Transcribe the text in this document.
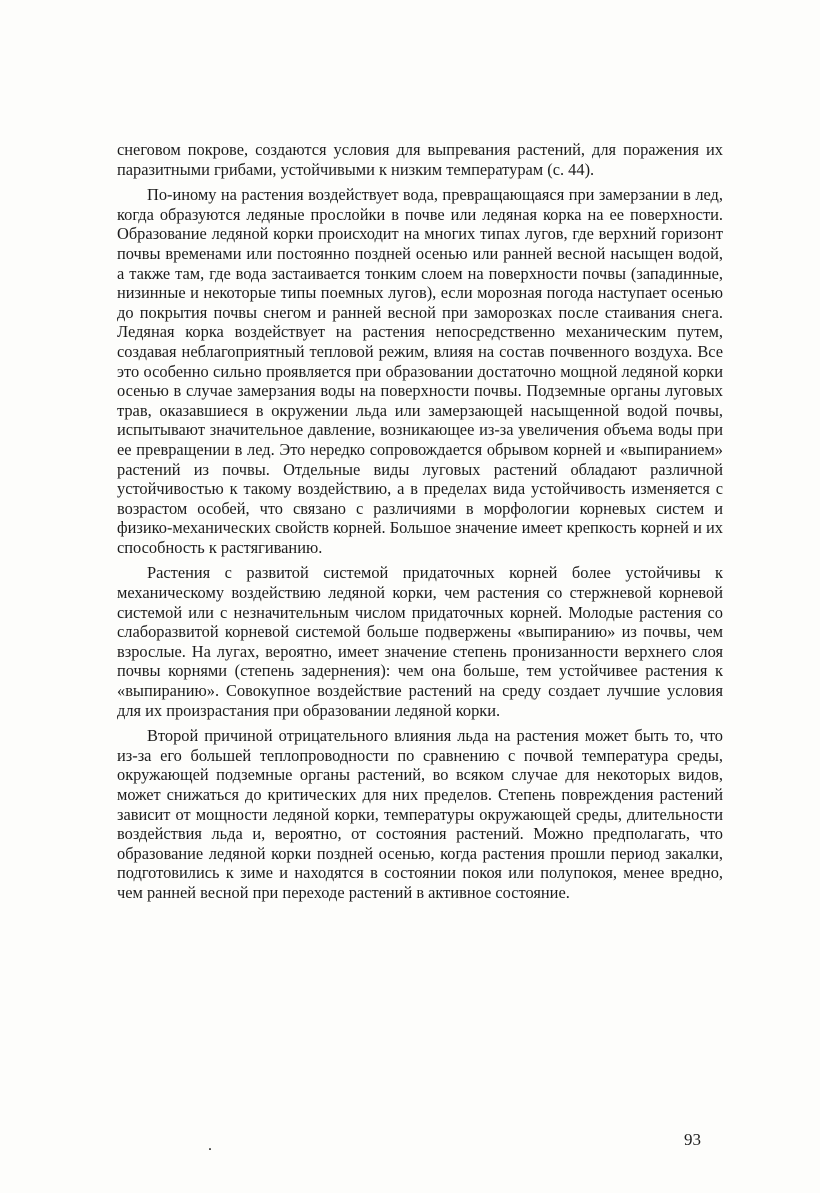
снеговом покрове, создаются условия для выпревания растений, для поражения их паразитными грибами, устойчивыми к низким температурам (с. 44).

По-иному на растения воздействует вода, превращающаяся при замерзании в лед, когда образуются ледяные прослойки в почве или ледяная корка на ее поверхности. Образование ледяной корки происходит на многих типах лугов, где верхний горизонт почвы временами или постоянно поздней осенью или ранней весной насыщен водой, а также там, где вода застаивается тонким слоем на поверхности почвы (западинные, низинные и некоторые типы поемных лугов), если морозная погода наступает осенью до покрытия почвы снегом и ранней весной при заморозках после стаивания снега. Ледяная корка воздействует на растения непосредственно механическим путем, создавая неблагоприятный тепловой режим, влияя на состав почвенного воздуха. Все это особенно сильно проявляется при образовании достаточно мощной ледяной корки осенью в случае замерзания воды на поверхности почвы. Подземные органы луговых трав, оказавшиеся в окружении льда или замерзающей насыщенной водой почвы, испытывают значительное давление, возникающее из-за увеличения объема воды при ее превращении в лед. Это нередко сопровождается обрывом корней и «выпиранием» растений из почвы. Отдельные виды луговых растений обладают различной устойчивостью к такому воздействию, а в пределах вида устойчивость изменяется с возрастом особей, что связано с различиями в морфологии корневых систем и физико-механических свойств корней. Большое значение имеет крепкость корней и их способность к растягиванию.

Растения с развитой системой придаточных корней более устойчивы к механическому воздействию ледяной корки, чем растения со стержневой корневой системой или с незначительным числом придаточных корней. Молодые растения со слаборазвитой корневой системой больше подвержены «выпиранию» из почвы, чем взрослые. На лугах, вероятно, имеет значение степень пронизанности верхнего слоя почвы корнями (степень задернения): чем она больше, тем устойчивее растения к «выпиранию». Совокупное воздействие растений на среду создает лучшие условия для их произрастания при образовании ледяной корки.

Второй причиной отрицательного влияния льда на растения может быть то, что из-за его большей теплопроводности по сравнению с почвой температура среды, окружающей подземные органы растений, во всяком случае для некоторых видов, может снижаться до критических для них пределов. Степень повреждения растений зависит от мощности ледяной корки, температуры окружающей среды, длительности воздействия льда и, вероятно, от состояния растений. Можно предполагать, что образование ледяной корки поздней осенью, когда растения прошли период закалки, подготовились к зиме и находятся в состоянии покоя или полупокоя, менее вредно, чем ранней весной при переходе растений в активное состояние.

.	93
